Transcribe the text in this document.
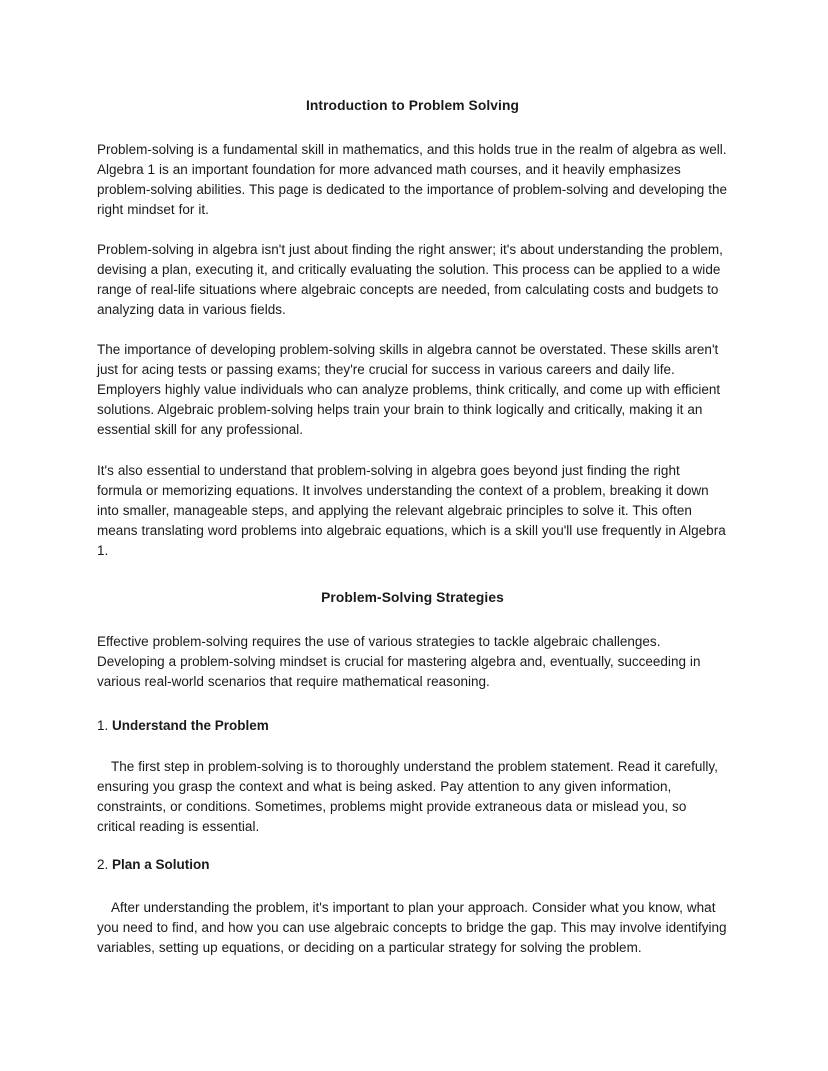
Introduction to Problem Solving

Problem-solving is a fundamental skill in mathematics, and this holds true in the realm of algebra as well. Algebra 1 is an important foundation for more advanced math courses, and it heavily emphasizes problem-solving abilities. This page is dedicated to the importance of problem-solving and developing the right mindset for it.

Problem-solving in algebra isn't just about finding the right answer; it's about understanding the problem, devising a plan, executing it, and critically evaluating the solution. This process can be applied to a wide range of real-life situations where algebraic concepts are needed, from calculating costs and budgets to analyzing data in various fields.

The importance of developing problem-solving skills in algebra cannot be overstated. These skills aren't just for acing tests or passing exams; they're crucial for success in various careers and daily life. Employers highly value individuals who can analyze problems, think critically, and come up with efficient solutions. Algebraic problem-solving helps train your brain to think logically and critically, making it an essential skill for any professional.

It's also essential to understand that problem-solving in algebra goes beyond just finding the right formula or memorizing equations. It involves understanding the context of a problem, breaking it down into smaller, manageable steps, and applying the relevant algebraic principles to solve it. This often means translating word problems into algebraic equations, which is a skill you'll use frequently in Algebra 1.

Problem-Solving Strategies

Effective problem-solving requires the use of various strategies to tackle algebraic challenges. Developing a problem-solving mindset is crucial for mastering algebra and, eventually, succeeding in various real-world scenarios that require mathematical reasoning.

1. Understand the Problem

The first step in problem-solving is to thoroughly understand the problem statement. Read it carefully, ensuring you grasp the context and what is being asked. Pay attention to any given information, constraints, or conditions. Sometimes, problems might provide extraneous data or mislead you, so critical reading is essential.

2. Plan a Solution

After understanding the problem, it's important to plan your approach. Consider what you know, what you need to find, and how you can use algebraic concepts to bridge the gap. This may involve identifying variables, setting up equations, or deciding on a particular strategy for solving the problem.
